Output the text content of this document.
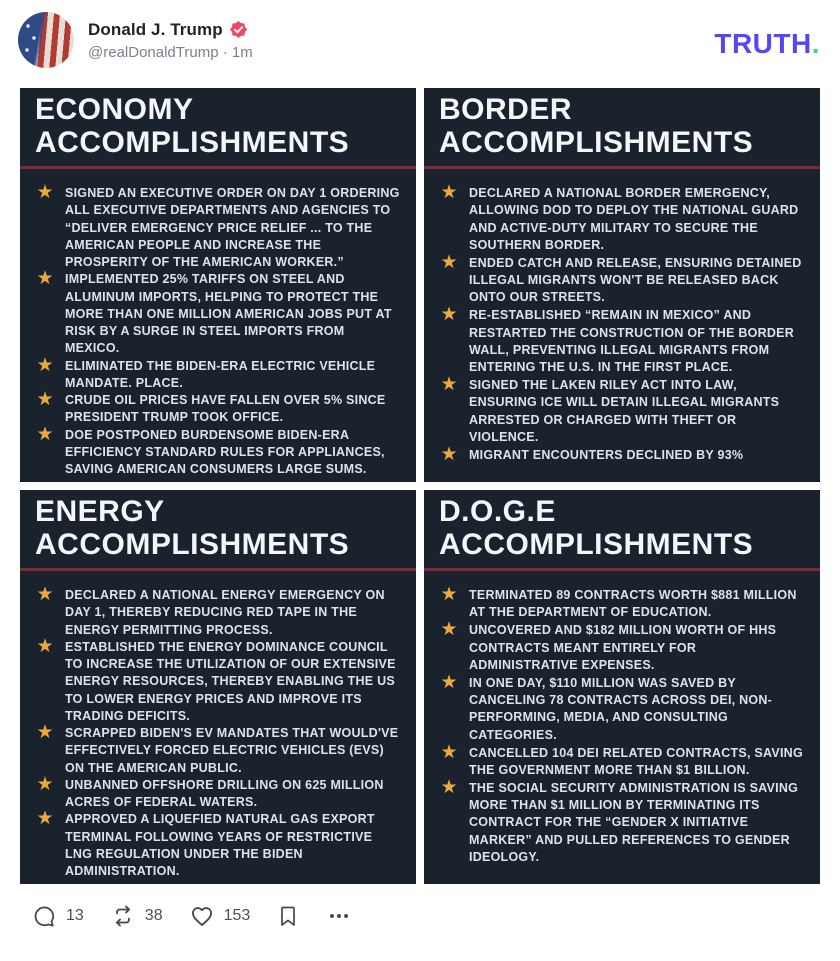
Donald J. Trump
@realDonaldTrump · 1m	TRUTH.
ECONOMY
ACCOMPLISHMENTS
★ SIGNED AN EXECUTIVE ORDER ON DAY 1 ORDERING ALL EXECUTIVE DEPARTMENTS AND AGENCIES TO “DELIVER EMERGENCY PRICE RELIEF ... TO THE AMERICAN PEOPLE AND INCREASE THE PROSPERITY OF THE AMERICAN WORKER.”
★ IMPLEMENTED 25% TARIFFS ON STEEL AND ALUMINUM IMPORTS, HELPING TO PROTECT THE MORE THAN ONE MILLION AMERICAN JOBS PUT AT RISK BY A SURGE IN STEEL IMPORTS FROM MEXICO.
★ ELIMINATED THE BIDEN-ERA ELECTRIC VEHICLE MANDATE. PLACE.
★ CRUDE OIL PRICES HAVE FALLEN OVER 5% SINCE PRESIDENT TRUMP TOOK OFFICE.
★ DOE POSTPONED BURDENSOME BIDEN-ERA EFFICIENCY STANDARD RULES FOR APPLIANCES, SAVING AMERICAN CONSUMERS LARGE SUMS.
BORDER
ACCOMPLISHMENTS
★ DECLARED A NATIONAL BORDER EMERGENCY, ALLOWING DOD TO DEPLOY THE NATIONAL GUARD AND ACTIVE-DUTY MILITARY TO SECURE THE SOUTHERN BORDER.
★ ENDED CATCH AND RELEASE, ENSURING DETAINED ILLEGAL MIGRANTS WON'T BE RELEASED BACK ONTO OUR STREETS.
★ RE-ESTABLISHED “REMAIN IN MEXICO” AND RESTARTED THE CONSTRUCTION OF THE BORDER WALL, PREVENTING ILLEGAL MIGRANTS FROM ENTERING THE U.S. IN THE FIRST PLACE.
★ SIGNED THE LAKEN RILEY ACT INTO LAW, ENSURING ICE WILL DETAIN ILLEGAL MIGRANTS ARRESTED OR CHARGED WITH THEFT OR VIOLENCE.
★ MIGRANT ENCOUNTERS DECLINED BY 93%
ENERGY
ACCOMPLISHMENTS
★ DECLARED A NATIONAL ENERGY EMERGENCY ON DAY 1, THEREBY REDUCING RED TAPE IN THE ENERGY PERMITTING PROCESS.
★ ESTABLISHED THE ENERGY DOMINANCE COUNCIL TO INCREASE THE UTILIZATION OF OUR EXTENSIVE ENERGY RESOURCES, THEREBY ENABLING THE US TO LOWER ENERGY PRICES AND IMPROVE ITS TRADING DEFICITS.
★ SCRAPPED BIDEN'S EV MANDATES THAT WOULD'VE EFFECTIVELY FORCED ELECTRIC VEHICLES (EVS) ON THE AMERICAN PUBLIC.
★ UNBANNED OFFSHORE DRILLING ON 625 MILLION ACRES OF FEDERAL WATERS.
★ APPROVED A LIQUEFIED NATURAL GAS EXPORT TERMINAL FOLLOWING YEARS OF RESTRICTIVE LNG REGULATION UNDER THE BIDEN ADMINISTRATION.
D.O.G.E
ACCOMPLISHMENTS
★ TERMINATED 89 CONTRACTS WORTH $881 MILLION AT THE DEPARTMENT OF EDUCATION.
★ UNCOVERED AND $182 MILLION WORTH OF HHS CONTRACTS MEANT ENTIRELY FOR ADMINISTRATIVE EXPENSES.
★ IN ONE DAY, $110 MILLION WAS SAVED BY CANCELING 78 CONTRACTS ACROSS DEI, NON-PERFORMING, MEDIA, AND CONSULTING CATEGORIES.
★ CANCELLED 104 DEI RELATED CONTRACTS, SAVING THE GOVERNMENT MORE THAN $1 BILLION.
★ THE SOCIAL SECURITY ADMINISTRATION IS SAVING MORE THAN $1 MILLION BY TERMINATING ITS CONTRACT FOR THE “GENDER X INITIATIVE MARKER” AND PULLED REFERENCES TO GENDER IDEOLOGY.
13	38	153
